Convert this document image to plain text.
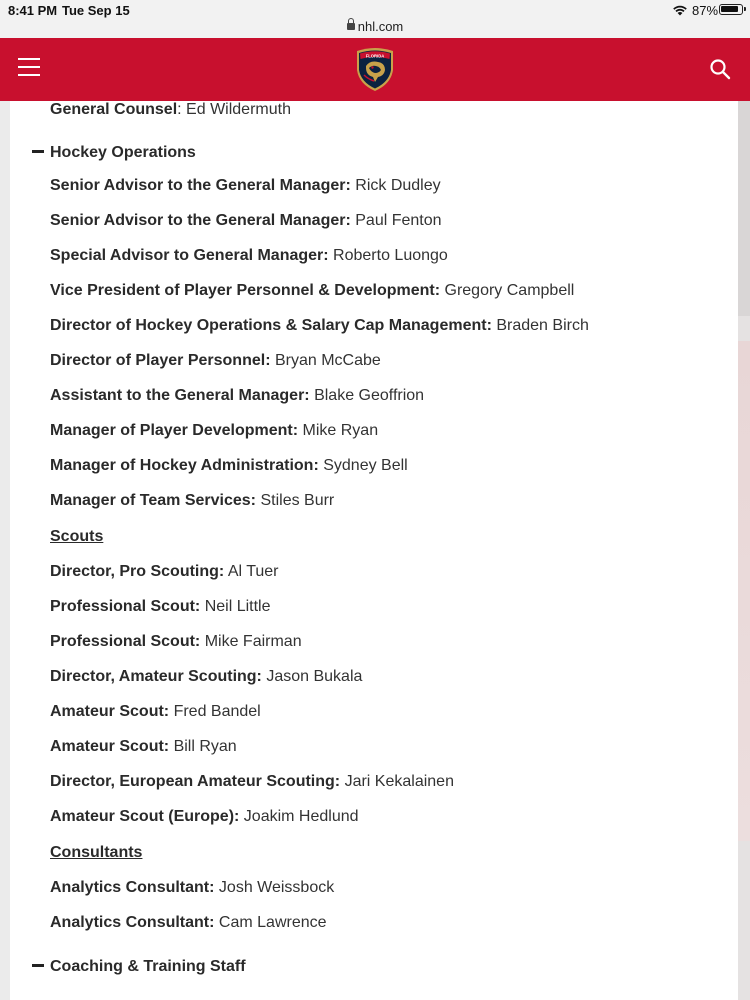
8:41 PM Tue Sep 15
nhl.com
87%
FLORIDA
General Counsel: Ed Wildermuth
Hockey Operations
Senior Advisor to the General Manager: Rick Dudley
Senior Advisor to the General Manager: Paul Fenton
Special Advisor to General Manager: Roberto Luongo
Vice President of Player Personnel & Development: Gregory Campbell
Director of Hockey Operations & Salary Cap Management: Braden Birch
Director of Player Personnel: Bryan McCabe
Assistant to the General Manager: Blake Geoffrion
Manager of Player Development: Mike Ryan
Manager of Hockey Administration: Sydney Bell
Manager of Team Services: Stiles Burr
Scouts
Director, Pro Scouting: Al Tuer
Professional Scout: Neil Little
Professional Scout: Mike Fairman
Director, Amateur Scouting: Jason Bukala
Amateur Scout: Fred Bandel
Amateur Scout: Bill Ryan
Director, European Amateur Scouting: Jari Kekalainen
Amateur Scout (Europe): Joakim Hedlund
Consultants
Analytics Consultant: Josh Weissbock
Analytics Consultant: Cam Lawrence
Coaching & Training Staff
